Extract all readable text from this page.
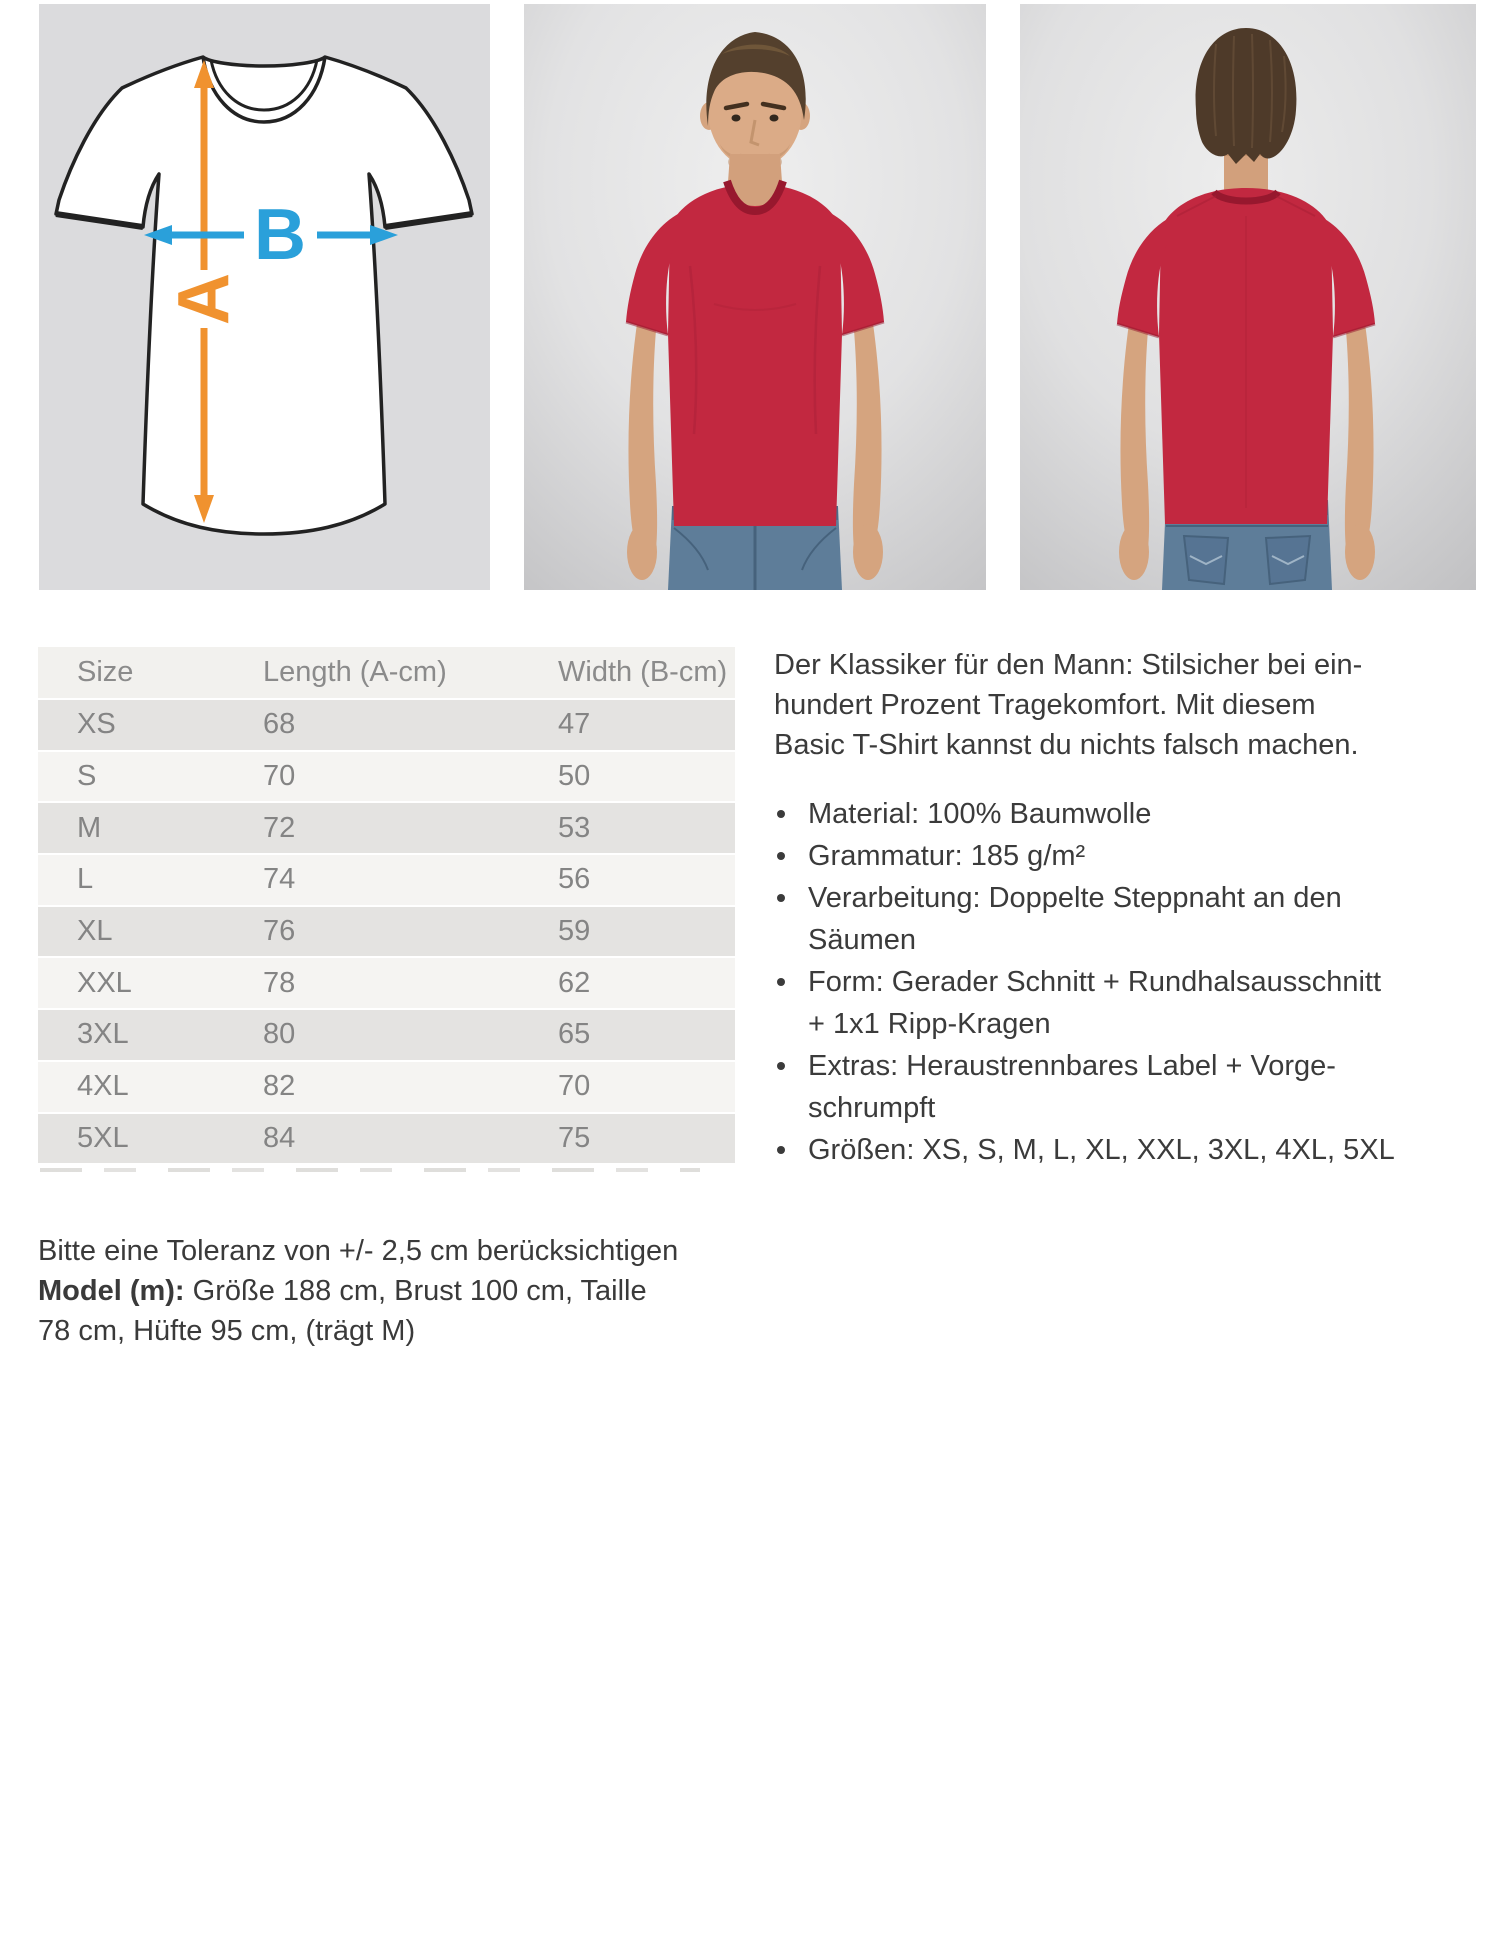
A
B
Size	Length (A-cm)	Width (B-cm)
XS	68	47
S	70	50
M	72	53
L	74	56
XL	76	59
XXL	78	62
3XL	80	65
4XL	82	70
5XL	84	75
Bitte eine Toleranz von +/- 2,5 cm berücksichtigen
Model (m): Größe 188 cm, Brust 100 cm, Taille
78 cm, Hüfte 95 cm, (trägt M)
Der Klassiker für den Mann: Stilsicher bei ein-
hundert Prozent Tragekomfort. Mit diesem
Basic T-Shirt kannst du nichts falsch machen.
Material: 100% Baumwolle
Grammatur: 185 g/m²
Verarbeitung: Doppelte Steppnaht an den
Säumen
Form: Gerader Schnitt + Rundhalsausschnitt
+ 1x1 Ripp-Kragen
Extras: Heraustrennbares Label + Vorge-
schrumpft
Größen: XS, S, M, L, XL, XXL, 3XL, 4XL, 5XL
